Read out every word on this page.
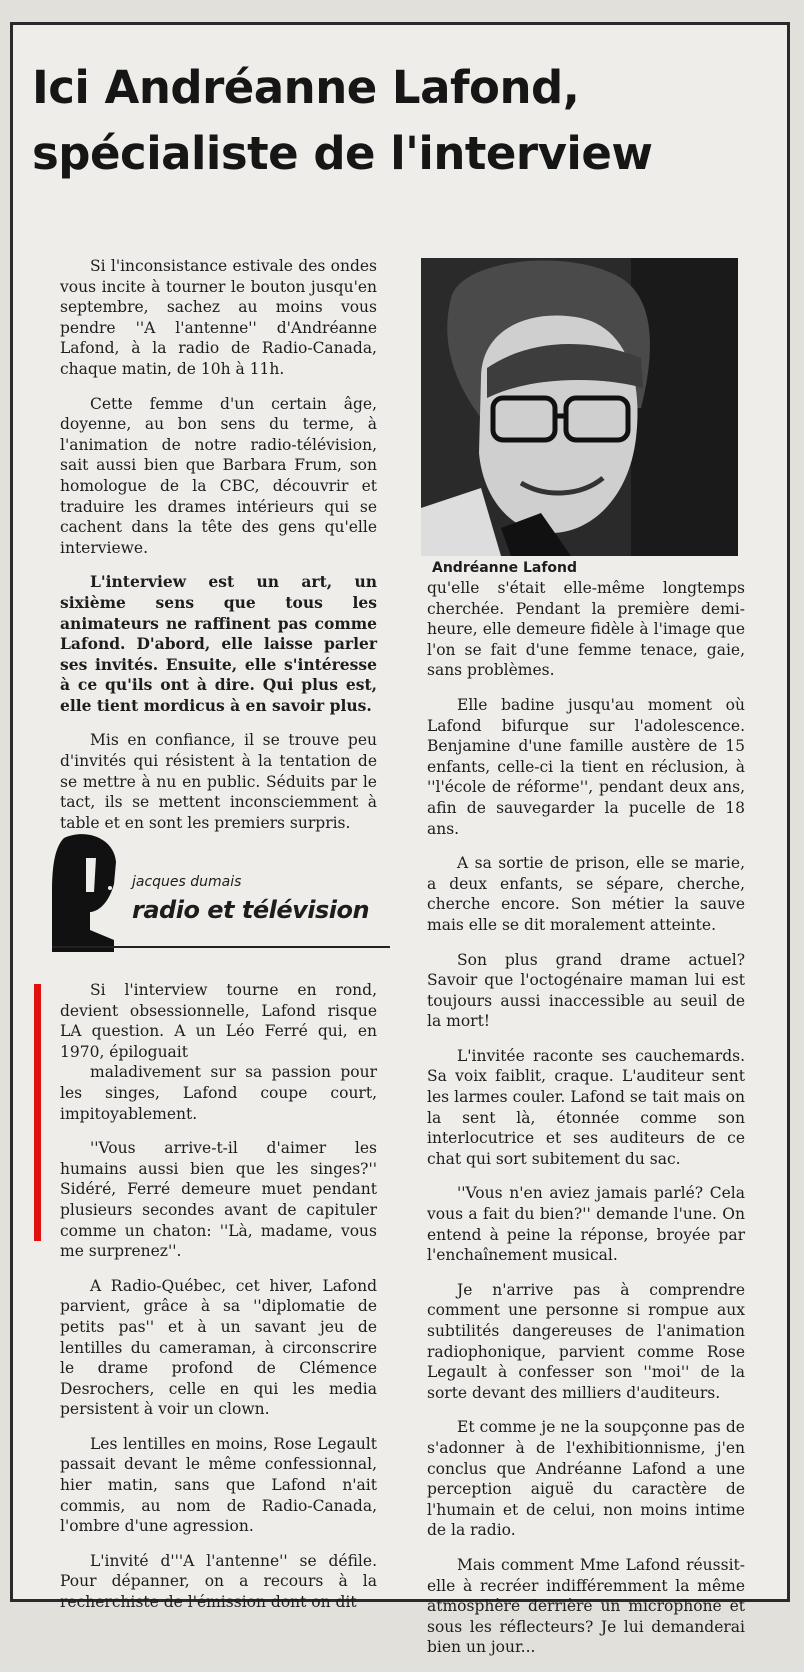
Ici Andréanne Lafond,
spécialiste de l'interview

Si l'inconsistance estivale des ondes vous incite à tourner le bouton jusqu'en septembre, sachez au moins vous pendre ''A l'antenne'' d'Andréanne Lafond, à la radio de Radio-Canada, chaque matin, de 10h à 11h.

Cette femme d'un certain âge, doyenne, au bon sens du terme, à l'animation de notre radio-télévision, sait aussi bien que Barbara Frum, son homologue de la CBC, découvrir et traduire les drames intérieurs qui se cachent dans la tête des gens qu'elle interviewe.

L'interview est un art, un sixième sens que tous les animateurs ne raffinent pas comme Lafond. D'abord, elle laisse parler ses invités. Ensuite, elle s'intéresse à ce qu'ils ont à dire. Qui plus est, elle tient mordicus à en savoir plus.

Mis en confiance, il se trouve peu d'invités qui résistent à la tentation de se mettre à nu en public. Séduits par le tact, ils se mettent inconsciemment à table et en sont les premiers surpris.

jacques dumais

radio et télévision

Si l'interview tourne en rond, devient obsessionnelle, Lafond risque LA question. A un Léo Ferré qui, en 1970, épiloguait
maladivement sur sa passion pour les singes, Lafond coupe court, impitoyablement.

''Vous arrive-t-il d'aimer les humains aussi bien que les singes?'' Sidéré, Ferré demeure muet pendant plusieurs secondes avant de capituler comme un chaton: ''Là, madame, vous me surprenez''.

A Radio-Québec, cet hiver, Lafond parvient, grâce à sa ''diplomatie de petits pas'' et à un savant jeu de lentilles du cameraman, à circonscrire le drame profond de Clémence Desrochers, celle en qui les media persistent à voir un clown.

Les lentilles en moins, Rose Legault passait devant le même confessionnal, hier matin, sans que Lafond n'ait commis, au nom de Radio-Canada, l'ombre d'une agression.

L'invité d'''A l'antenne'' se défile. Pour dépanner, on a recours à la recherchiste de l'émission dont on dit

Andréanne Lafond

qu'elle s'était elle-même longtemps cherchée. Pendant la première demi-heure, elle demeure fidèle à l'image que l'on se fait d'une femme tenace, gaie, sans problèmes.

Elle badine jusqu'au moment où Lafond bifurque sur l'adolescence. Benjamine d'une famille austère de 15 enfants, celle-ci la tient en réclusion, à ''l'école de réforme'', pendant deux ans, afin de sauvegarder la pucelle de 18 ans.

A sa sortie de prison, elle se marie, a deux enfants, se sépare, cherche, cherche encore. Son métier la sauve mais elle se dit moralement atteinte.

Son plus grand drame actuel? Savoir que l'octogénaire maman lui est toujours aussi inaccessible au seuil de la mort!

L'invitée raconte ses cauchemards. Sa voix faiblit, craque. L'auditeur sent les larmes couler. Lafond se tait mais on la sent là, étonnée comme son interlocutrice et ses auditeurs de ce chat qui sort subitement du sac.

''Vous n'en aviez jamais parlé? Cela vous a fait du bien?'' demande l'une. On entend à peine la réponse, broyée par l'enchaînement musical.

Je n'arrive pas à comprendre comment une personne si rompue aux subtilités dangereuses de l'animation radiophonique, parvient comme Rose Legault à confesser son ''moi'' de la sorte devant des milliers d'auditeurs.

Et comme je ne la soupçonne pas de s'adonner à de l'exhibitionnisme, j'en conclus que Andréanne Lafond a une perception aiguë du caractère de l'humain et de celui, non moins intime de la radio.

Mais comment Mme Lafond réussit-elle à recréer indifféremment la même atmosphère derrière un microphone et sous les réflecteurs? Je lui demanderai bien un jour...
